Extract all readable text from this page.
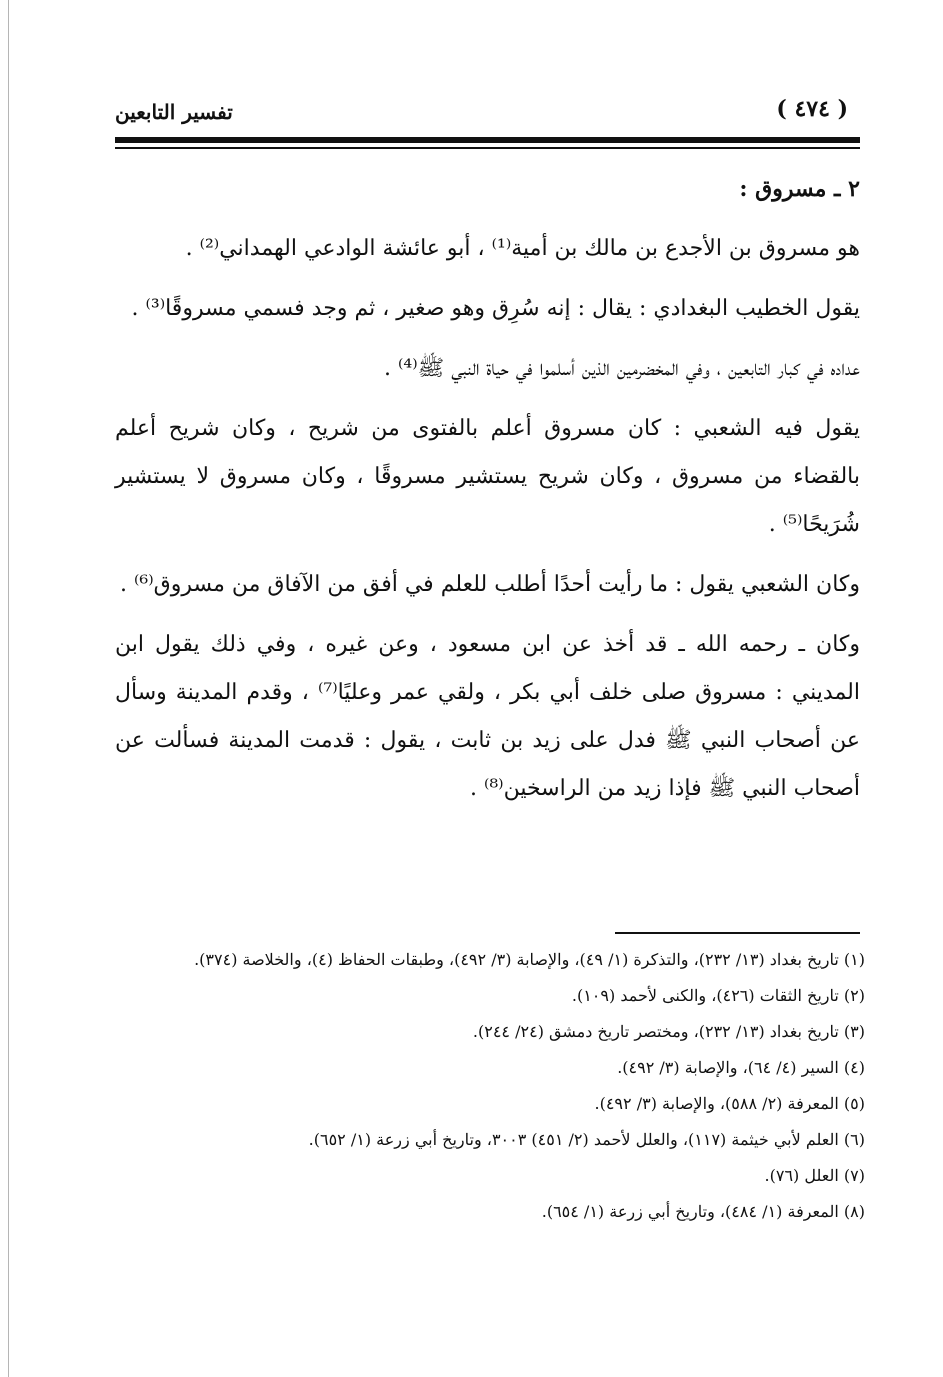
( ٤٧٤ )
تفسير التابعين

٢ ـ مسروق :

هو مسروق بن الأجدع بن مالك بن أمية⁽¹⁾ ، أبو عائشة الوادعي الهمداني⁽²⁾ .

يقول الخطيب البغدادي : يقال : إنه سُرِق وهو صغير ، ثم وجد فسمي مسروقًا⁽³⁾ .

عداده في كبار التابعين ، وفي المخضرمين الذين أسلموا في حياة النبي ﷺ⁽⁴⁾ .

يقول فيه الشعبي : كان مسروق أعلم بالفتوى من شريح ، وكان شريح أعلم بالقضاء من مسروق ، وكان شريح يستشير مسروقًا ، وكان مسروق لا يستشير شُرَيحًا⁽⁵⁾ .

وكان الشعبي يقول : ما رأيت أحدًا أطلب للعلم في أفق من الآفاق من مسروق⁽⁶⁾ .

وكان ـ رحمه الله ـ قد أخذ عن ابن مسعود ، وعن غيره ، وفي ذلك يقول ابن المديني : مسروق صلى خلف أبي بكر ، ولقي عمر وعليًا⁽⁷⁾ ، وقدم المدينة وسأل عن أصحاب النبي ﷺ فدل على زيد بن ثابت ، يقول : قدمت المدينة فسألت عن أصحاب النبي ﷺ فإذا زيد من الراسخين⁽⁸⁾ .

(١) تاريخ بغداد (١٣/ ٢٣٢)، والتذكرة (١/ ٤٩)، والإصابة (٣/ ٤٩٢)، وطبقات الحفاظ (٤)، والخلاصة (٣٧٤).

(٢) تاريخ الثقات (٤٢٦)، والكنى لأحمد (١٠٩).

(٣) تاريخ بغداد (١٣/ ٢٣٢)، ومختصر تاريخ دمشق (٢٤/ ٢٤٤).

(٤) السير (٤/ ٦٤)، والإصابة (٣/ ٤٩٢).

(٥) المعرفة (٢/ ٥٨٨)، والإصابة (٣/ ٤٩٢).

(٦) العلم لأبي خيثمة (١١٧)، والعلل لأحمد (٢/ ٤٥١) ٣٠٠٣، وتاريخ أبي زرعة (١/ ٦٥٢).

(٧) العلل (٧٦).

(٨) المعرفة (١/ ٤٨٤)، وتاريخ أبي زرعة (١/ ٦٥٤).
